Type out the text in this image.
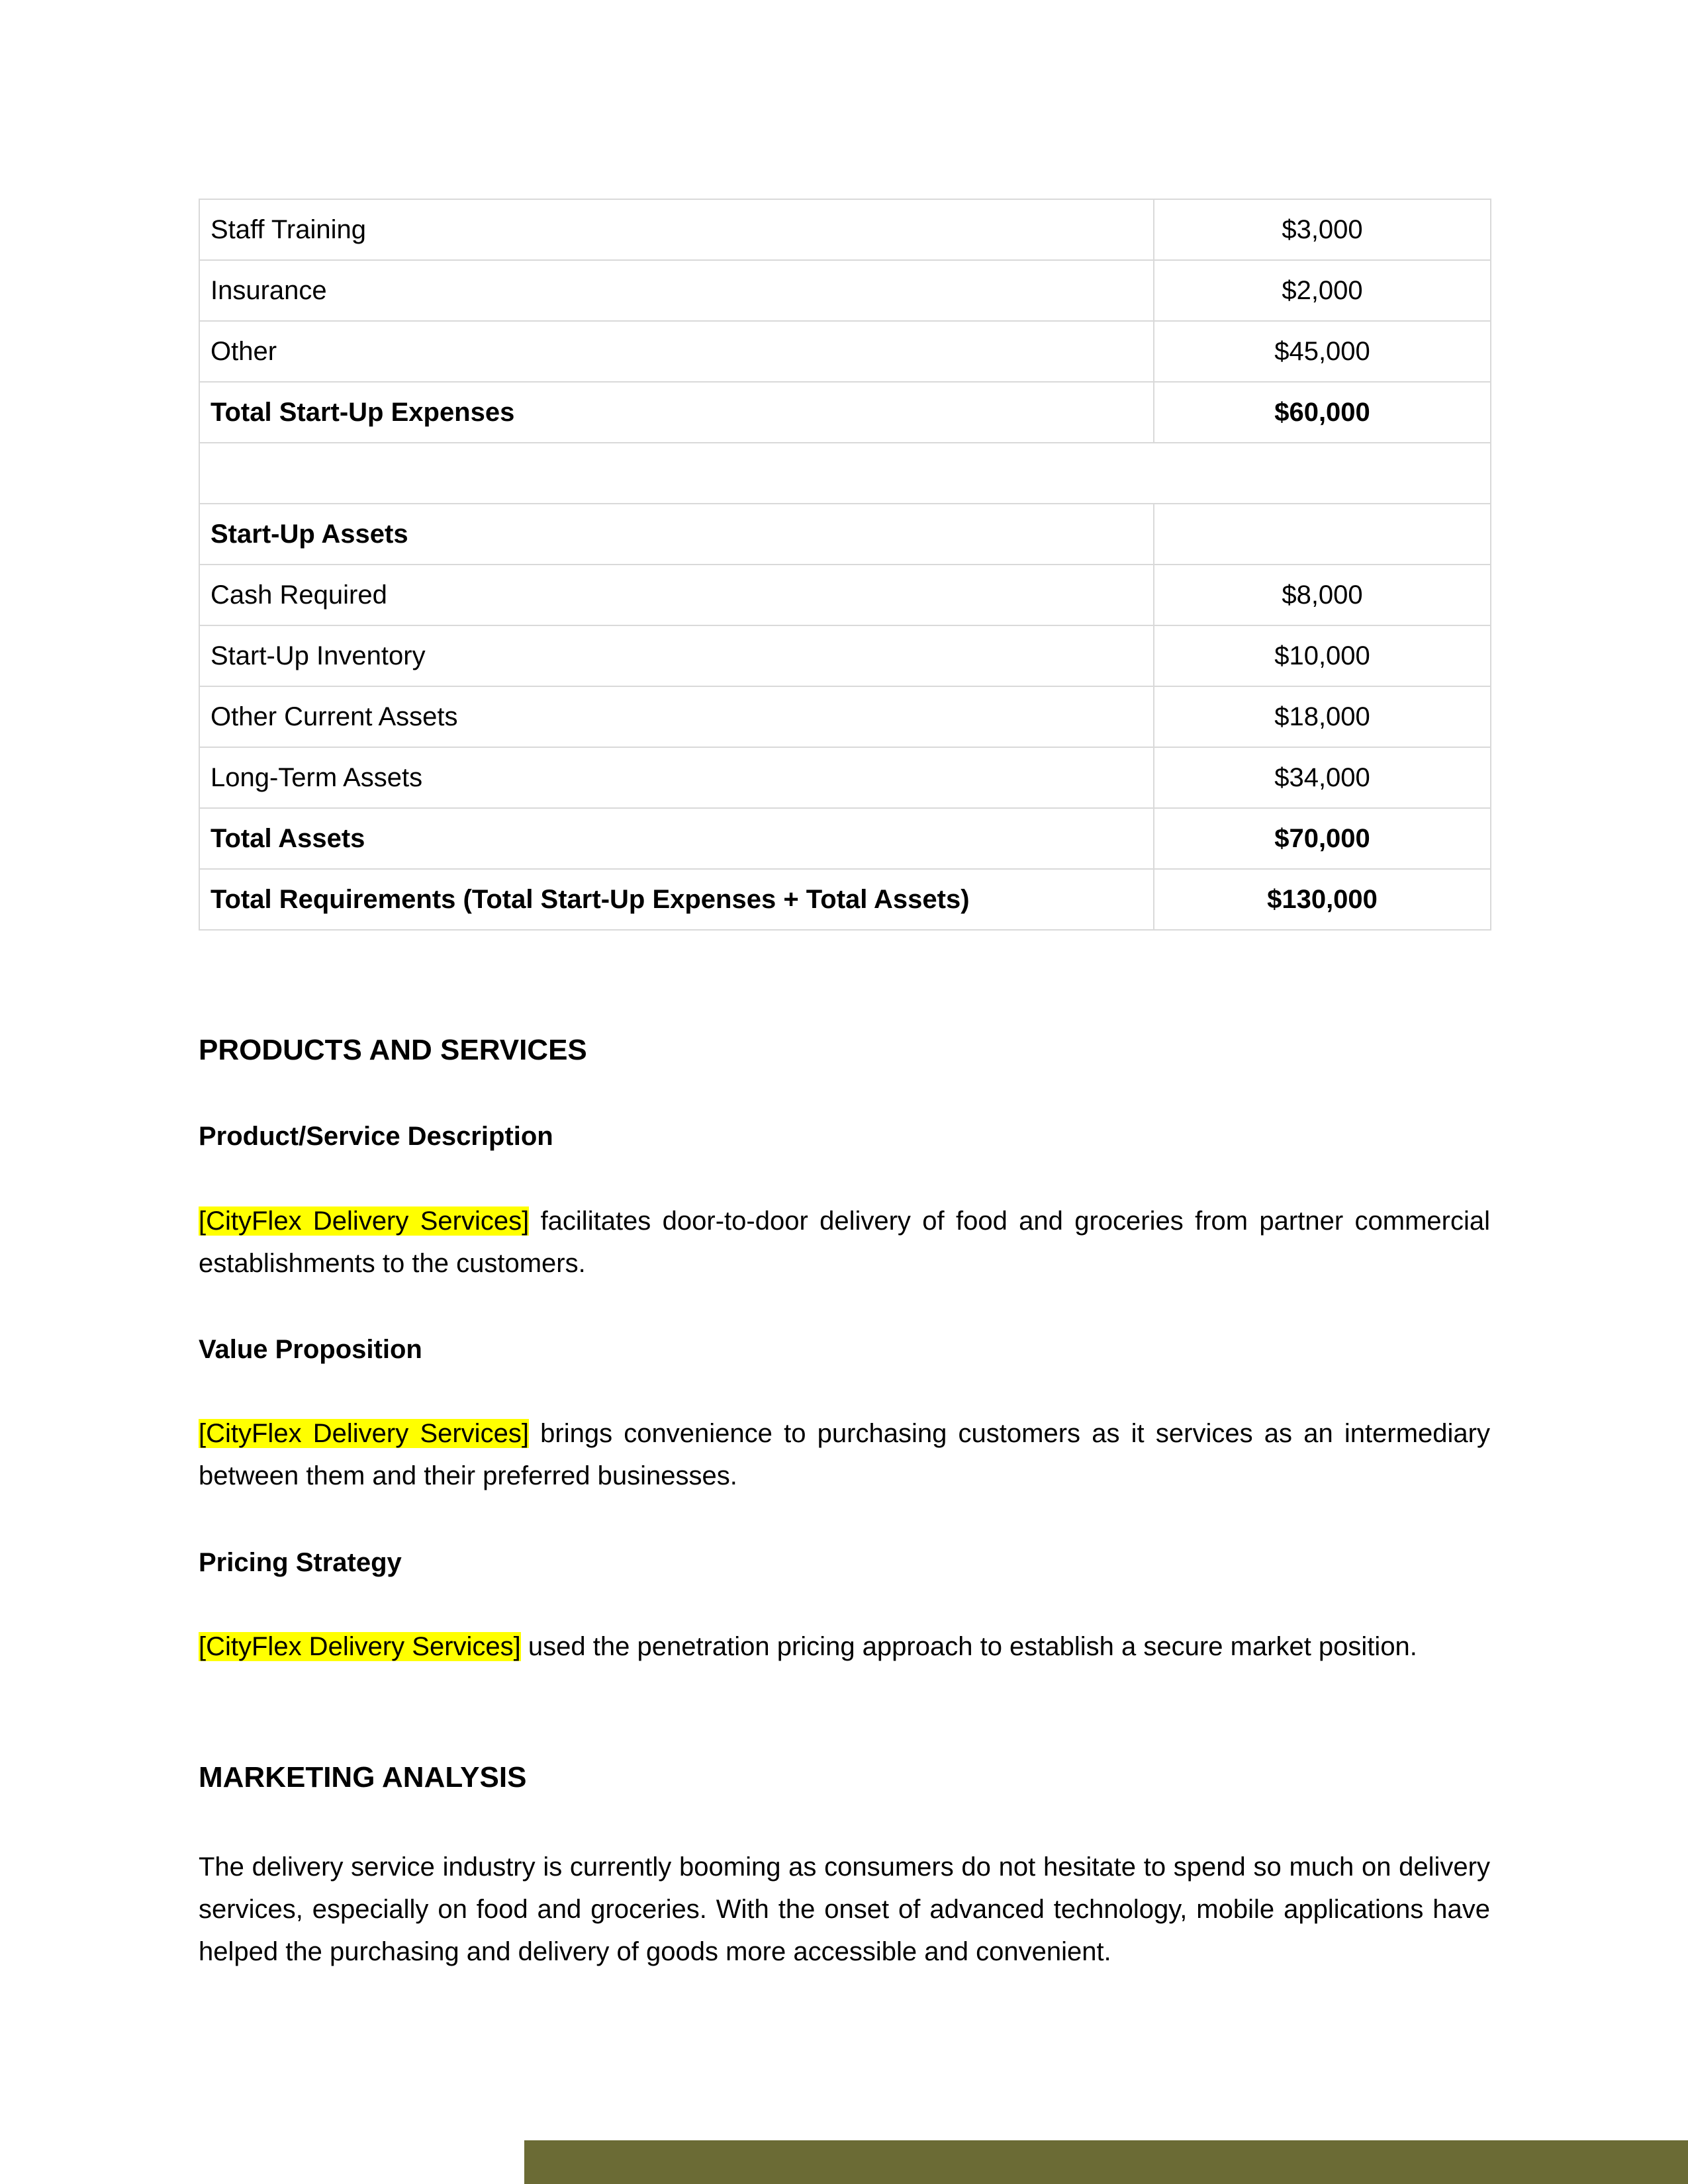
Staff Training	$3,000
Insurance	$2,000
Other	$45,000
Total Start-Up Expenses	$60,000

Start-Up Assets	
Cash Required	$8,000
Start-Up Inventory	$10,000
Other Current Assets	$18,000
Long-Term Assets	$34,000
Total Assets	$70,000
Total Requirements (Total Start-Up Expenses + Total Assets)	$130,000
PRODUCTS AND SERVICES
Product/Service Description

[CityFlex Delivery Services] facilitates door-to-door delivery of food and groceries from partner commercial establishments to the customers.

Value Proposition

[CityFlex Delivery Services] brings convenience to purchasing customers as it services as an intermediary between them and their preferred businesses.

Pricing Strategy

[CityFlex Delivery Services] used the penetration pricing approach to establish a secure market position.

MARKETING ANALYSIS

The delivery service industry is currently booming as consumers do not hesitate to spend so much on delivery services, especially on food and groceries. With the onset of advanced technology, mobile applications have helped the purchasing and delivery of goods more accessible and convenient.
